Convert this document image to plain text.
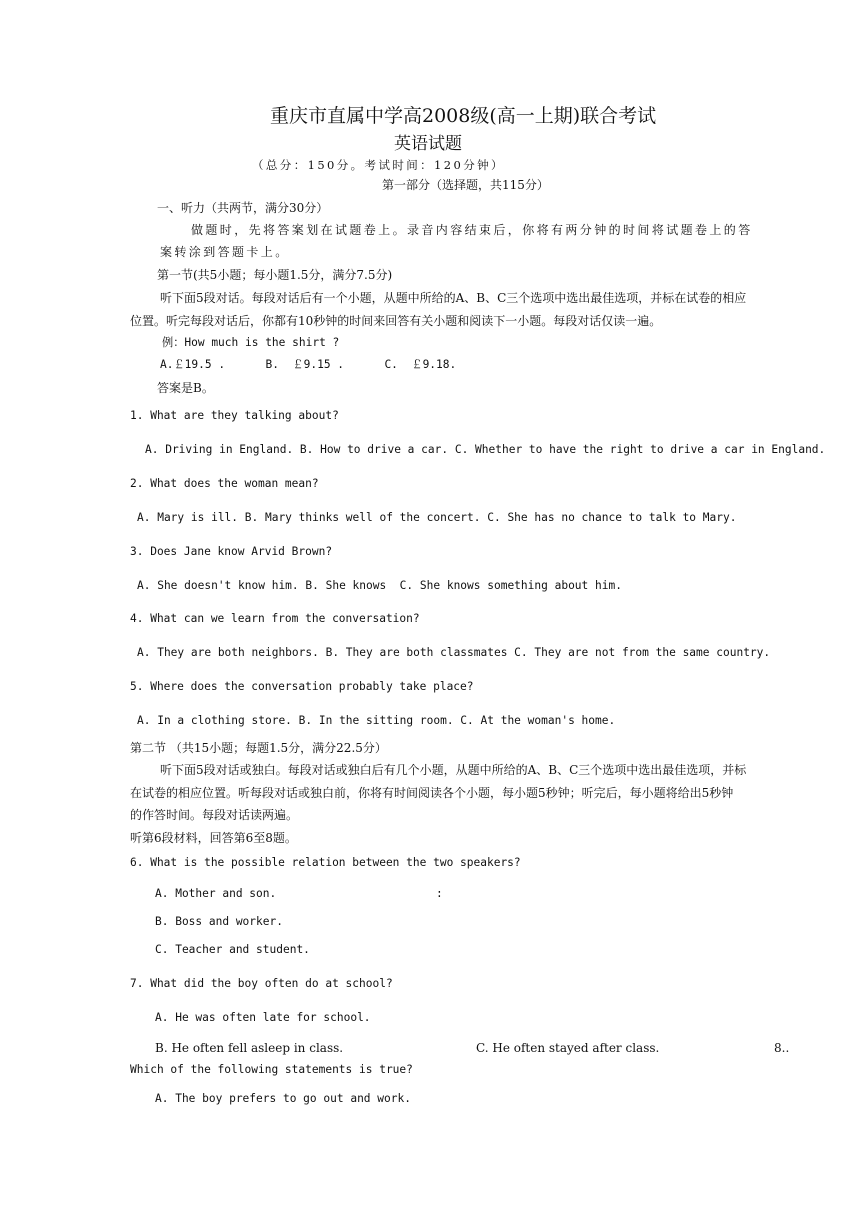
重庆市直属中学高2008级(高一上期)联合考试
英语试题
（总分：150分。考试时间：120分钟）
第一部分（选择题，共115分）
一、听力（共两节，满分30分）
做题时，先将答案划在试题卷上。录音内容结束后，你将有两分钟的时间将试题卷上的答
案转涂到答题卡上。
第一节(共5小题；每小题1.5分，满分7.5分)
听下面5段对话。每段对话后有一个小题，从题中所给的A、B、C三个选项中选出最佳选项，并标在试卷的相应
位置。听完每段对话后，你都有10秒钟的时间来回答有关小题和阅读下一小题。每段对话仅读一遍。
例：How much is the shirt ?
A.￡19.5 .      B.  ￡9.15 .      C.  ￡9.18.
答案是B。
1. What are they talking about?
A. Driving in England. B. How to drive a car. C. Whether to have the right to drive a car in England.
2. What does the woman mean?
A. Mary is ill. B. Mary thinks well of the concert. C. She has no chance to talk to Mary.
3. Does Jane know Arvid Brown?
A. She doesn't know him. B. She knows  C. She knows something about him.
4. What can we learn from the conversation?
A. They are both neighbors. B. They are both classmates C. They are not from the same country.
5. Where does the conversation probably take place?
A. In a clothing store. B. In the sitting room. C. At the woman's home.
第二节 （共15小题；每题1.5分，满分22.5分）
听下面5段对话或独白。每段对话或独白后有几个小题，从题中所给的A、B、C三个选项中选出最佳选项，并标
在试卷的相应位置。听每段对话或独白前，你将有时间阅读各个小题，每小题5秒钟；听完后，每小题将给出5秒钟
的作答时间。每段对话读两遍。
听第6段材料，回答第6至8题。
6. What is the possible relation between the two speakers?
A. Mother and son.	:
B. Boss and worker.
C. Teacher and student.
7. What did the boy often do at school?
A. He was often late for school.
B. He often fell asleep in class.	C. He often stayed after class.	8..
Which of the following statements is true?
A. The boy prefers to go out and work.
